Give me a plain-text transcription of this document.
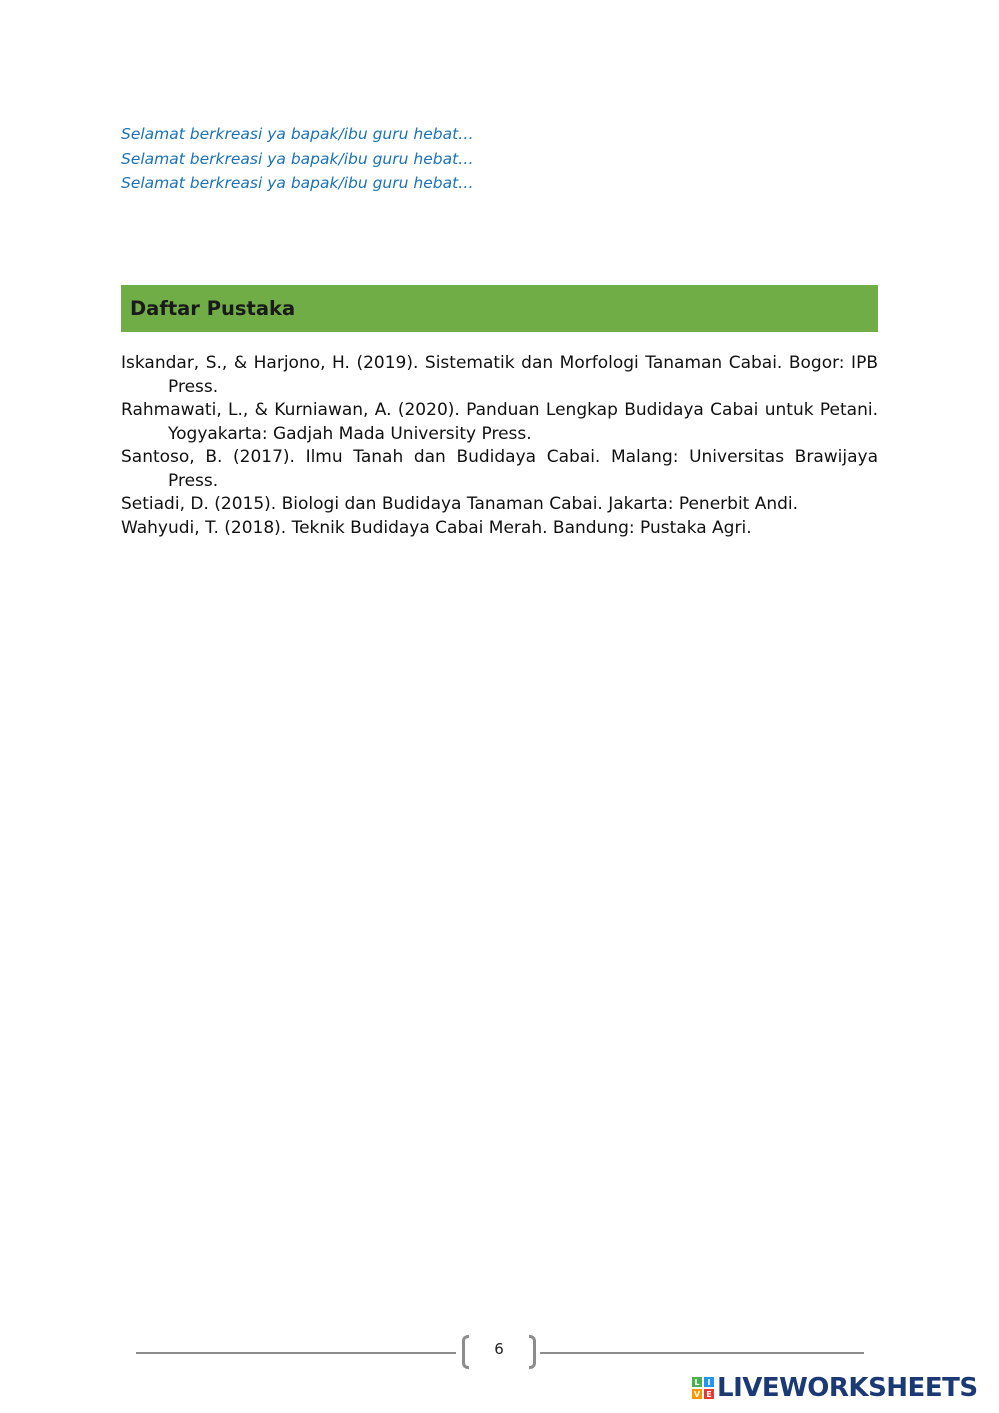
Selamat berkreasi ya bapak/ibu guru hebat…
Selamat berkreasi ya bapak/ibu guru hebat…
Selamat berkreasi ya bapak/ibu guru hebat…
Daftar Pustaka

Iskandar, S., & Harjono, H. (2019). Sistematik dan Morfologi Tanaman Cabai. Bogor: IPB Press.

Rahmawati, L., & Kurniawan, A. (2020). Panduan Lengkap Budidaya Cabai untuk Petani. Yogyakarta: Gadjah Mada University Press.

Santoso, B. (2017). Ilmu Tanah dan Budidaya Cabai. Malang: Universitas Brawijaya Press.

Setiadi, D. (2015). Biologi dan Budidaya Tanaman Cabai. Jakarta: Penerbit Andi.

Wahyudi, T. (2018). Teknik Budidaya Cabai Merah. Bandung: Pustaka Agri.

6
L I
V E LIVEWORKSHEETS
